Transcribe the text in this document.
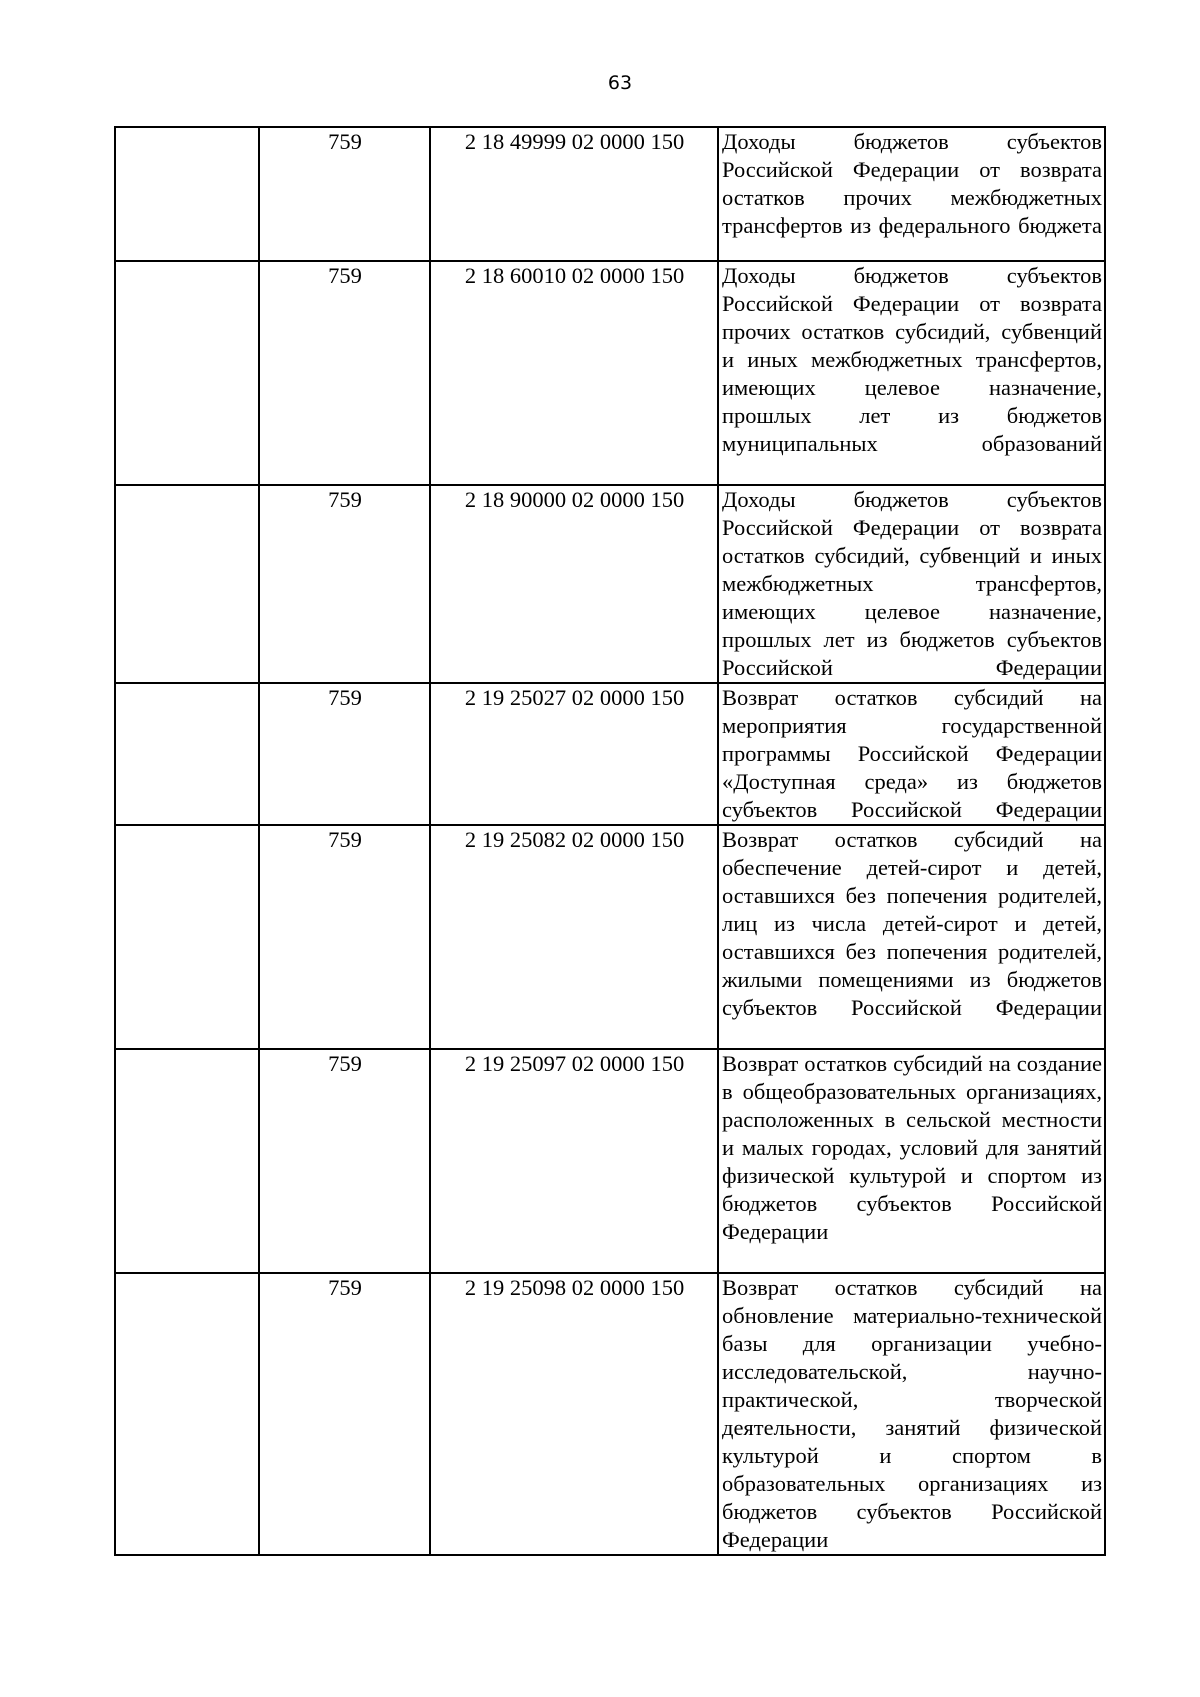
63
	759	2 18 49999 02 0000 150	Доходы бюджетов субъектов Российской Федерации от возврата остатков прочих межбюджетных трансфертов из федерального бюджета
	759	2 18 60010 02 0000 150	Доходы бюджетов субъектов Российской Федерации от возврата прочих остатков субсидий, субвенций и иных межбюджетных трансфертов, имеющих целевое назначение, прошлых лет из бюджетов муниципальных образований
	759	2 18 90000 02 0000 150	Доходы бюджетов субъектов Российской Федерации от возврата остатков субсидий, субвенций и иных межбюджетных трансфертов, имеющих целевое назначение, прошлых лет из бюджетов субъектов Российской Федерации
	759	2 19 25027 02 0000 150	Возврат остатков субсидий на мероприятия государственной программы Российской Федерации «Доступная среда» из бюджетов субъектов Российской Федерации
	759	2 19 25082 02 0000 150	Возврат остатков субсидий на обеспечение детей-сирот и детей, оставшихся без попечения родителей, лиц из числа детей-сирот и детей, оставшихся без попечения родителей, жилыми помещениями из бюджетов субъектов Российской Федерации
	759	2 19 25097 02 0000 150	Возврат остатков субсидий на создание в общеобразовательных организациях, расположенных в сельской местности и малых городах, условий для занятий физической культурой и спортом из бюджетов субъектов Российской Федерации
	759	2 19 25098 02 0000 150	Возврат остатков субсидий на обновление материально-технической базы для организации учебно-исследовательской, научно-практической, творческой деятельности, занятий физической культурой и спортом в образовательных организациях из бюджетов субъектов Российской Федерации
